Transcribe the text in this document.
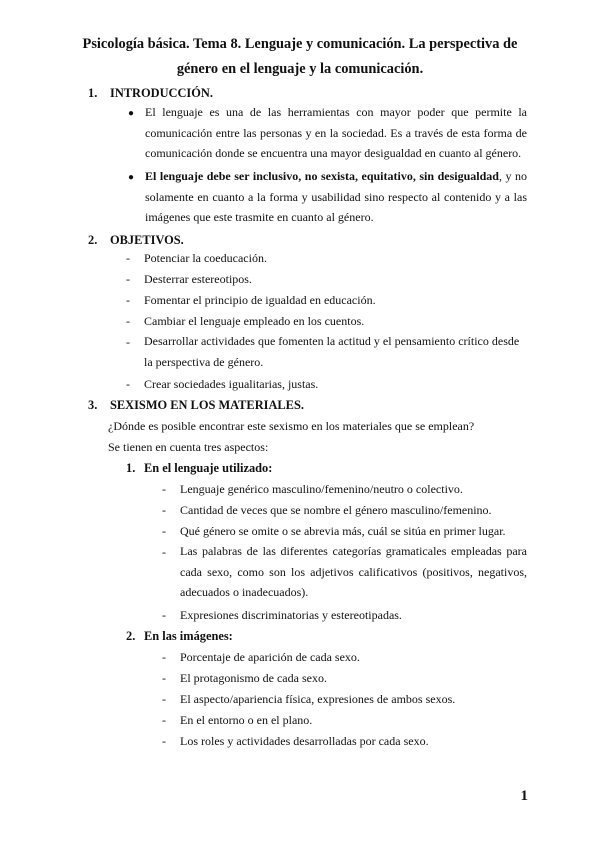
Psicología básica. Tema 8. Lenguaje y comunicación. La perspectiva de género en el lenguaje y la comunicación.
1. INTRODUCCIÓN.
● El lenguaje es una de las herramientas con mayor poder que permite la comunicación entre las personas y en la sociedad. Es a través de esta forma de comunicación donde se encuentra una mayor desigualdad en cuanto al género.
● El lenguaje debe ser inclusivo, no sexista, equitativo, sin desigualdad, y no solamente en cuanto a la forma y usabilidad sino respecto al contenido y a las imágenes que este trasmite en cuanto al género.
2. OBJETIVOS.
- Potenciar la coeducación.
- Desterrar estereotipos.
- Fomentar el principio de igualdad en educación.
- Cambiar el lenguaje empleado en los cuentos.
- Desarrollar actividades que fomenten la actitud y el pensamiento crítico desde la perspectiva de género.
- Crear sociedades igualitarias, justas.
3. SEXISMO EN LOS MATERIALES.
¿Dónde es posible encontrar este sexismo en los materiales que se emplean?
Se tienen en cuenta tres aspectos:
1. En el lenguaje utilizado:
- Lenguaje genérico masculino/femenino/neutro o colectivo.
- Cantidad de veces que se nombre el género masculino/femenino.
- Qué género se omite o se abrevia más, cuál se sitúa en primer lugar.
- Las palabras de las diferentes categorías gramaticales empleadas para cada sexo, como son los adjetivos calificativos (positivos, negativos, adecuados o inadecuados).
- Expresiones discriminatorias y estereotipadas.
2. En las imágenes:
- Porcentaje de aparición de cada sexo.
- El protagonismo de cada sexo.
- El aspecto/apariencia física, expresiones de ambos sexos.
- En el entorno o en el plano.
- Los roles y actividades desarrolladas por cada sexo.
1
